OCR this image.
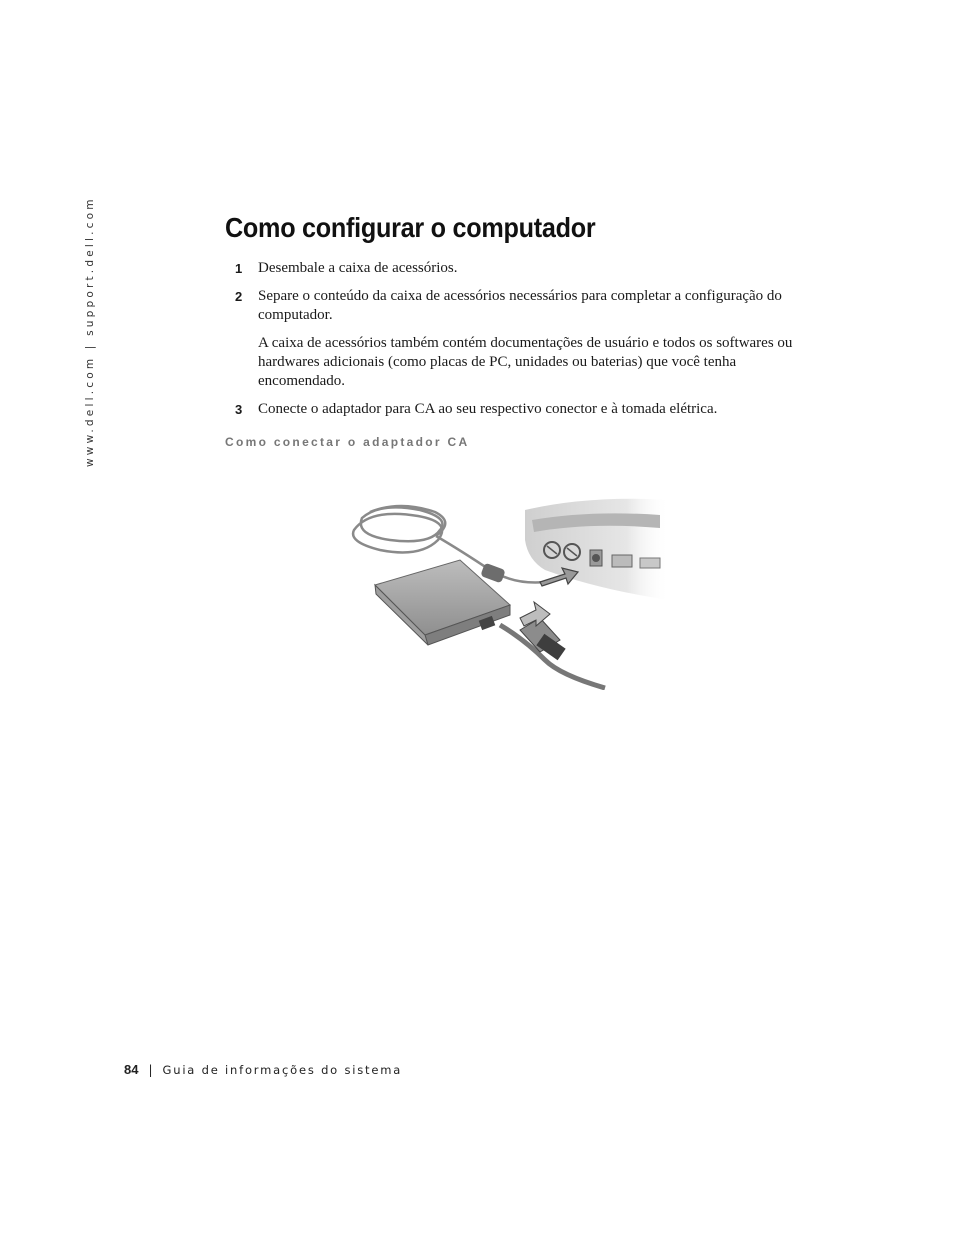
www.dell.com | support.dell.com	Como configurar o computador
1 Desembale a caixa de acessórios.

2 Separe o conteúdo da caixa de acessórios necessários para completar a configuração do computador.

A caixa de acessórios também contém documentações de usuário e todos os softwares ou hardwares adicionais (como placas de PC, unidades ou baterias) que você tenha encomendado.

3 Conecte o adaptador para CA ao seu respectivo conector e à tomada elétrica.

Como conectar o adaptador CA
84 | Guia de informações do sistema
